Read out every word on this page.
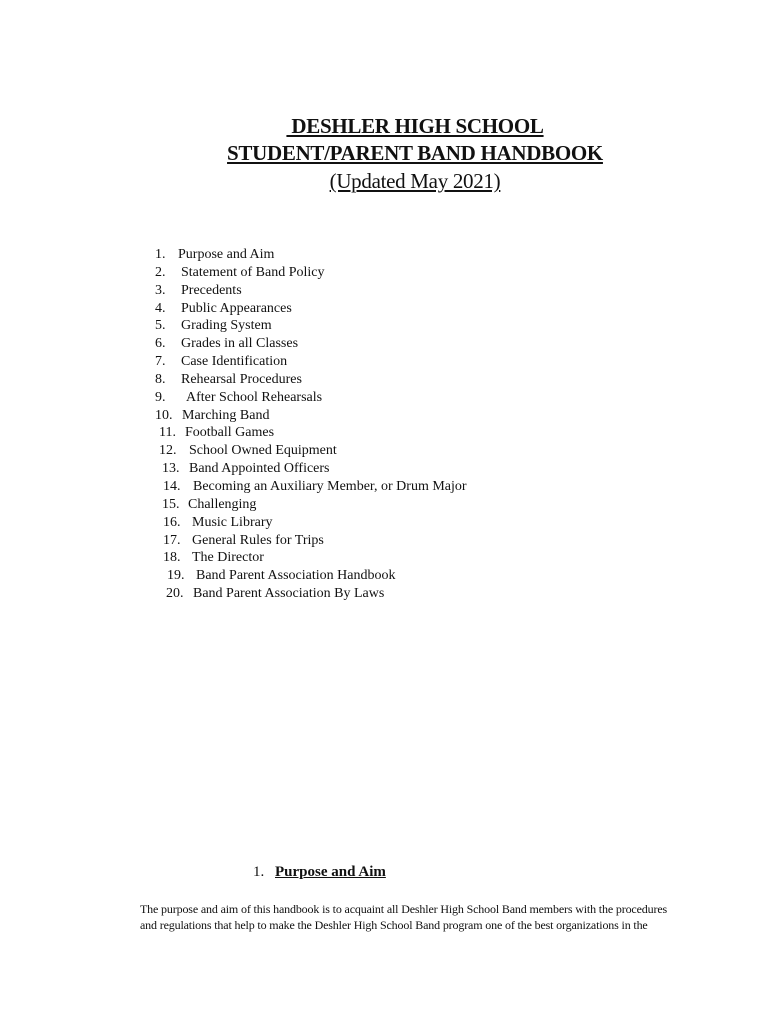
DESHLER HIGH SCHOOL
STUDENT/PARENT BAND HANDBOOK
(Updated May 2021)
1. Purpose and Aim
2. Statement of Band Policy
3. Precedents
4. Public Appearances
5. Grading System
6. Grades in all Classes
7. Case Identification
8. Rehearsal Procedures
9. After School Rehearsals
10. Marching Band
11. Football Games
12. School Owned Equipment
13. Band Appointed Officers
14. Becoming an Auxiliary Member, or Drum Major
15. Challenging
16. Music Library
17. General Rules for Trips
18. The Director
19. Band Parent Association Handbook
20. Band Parent Association By Laws
1. Purpose and Aim

The purpose and aim of this handbook is to acquaint all Deshler High School Band members with the procedures

and regulations that help to make the Deshler High School Band program one of the best organizations in the
